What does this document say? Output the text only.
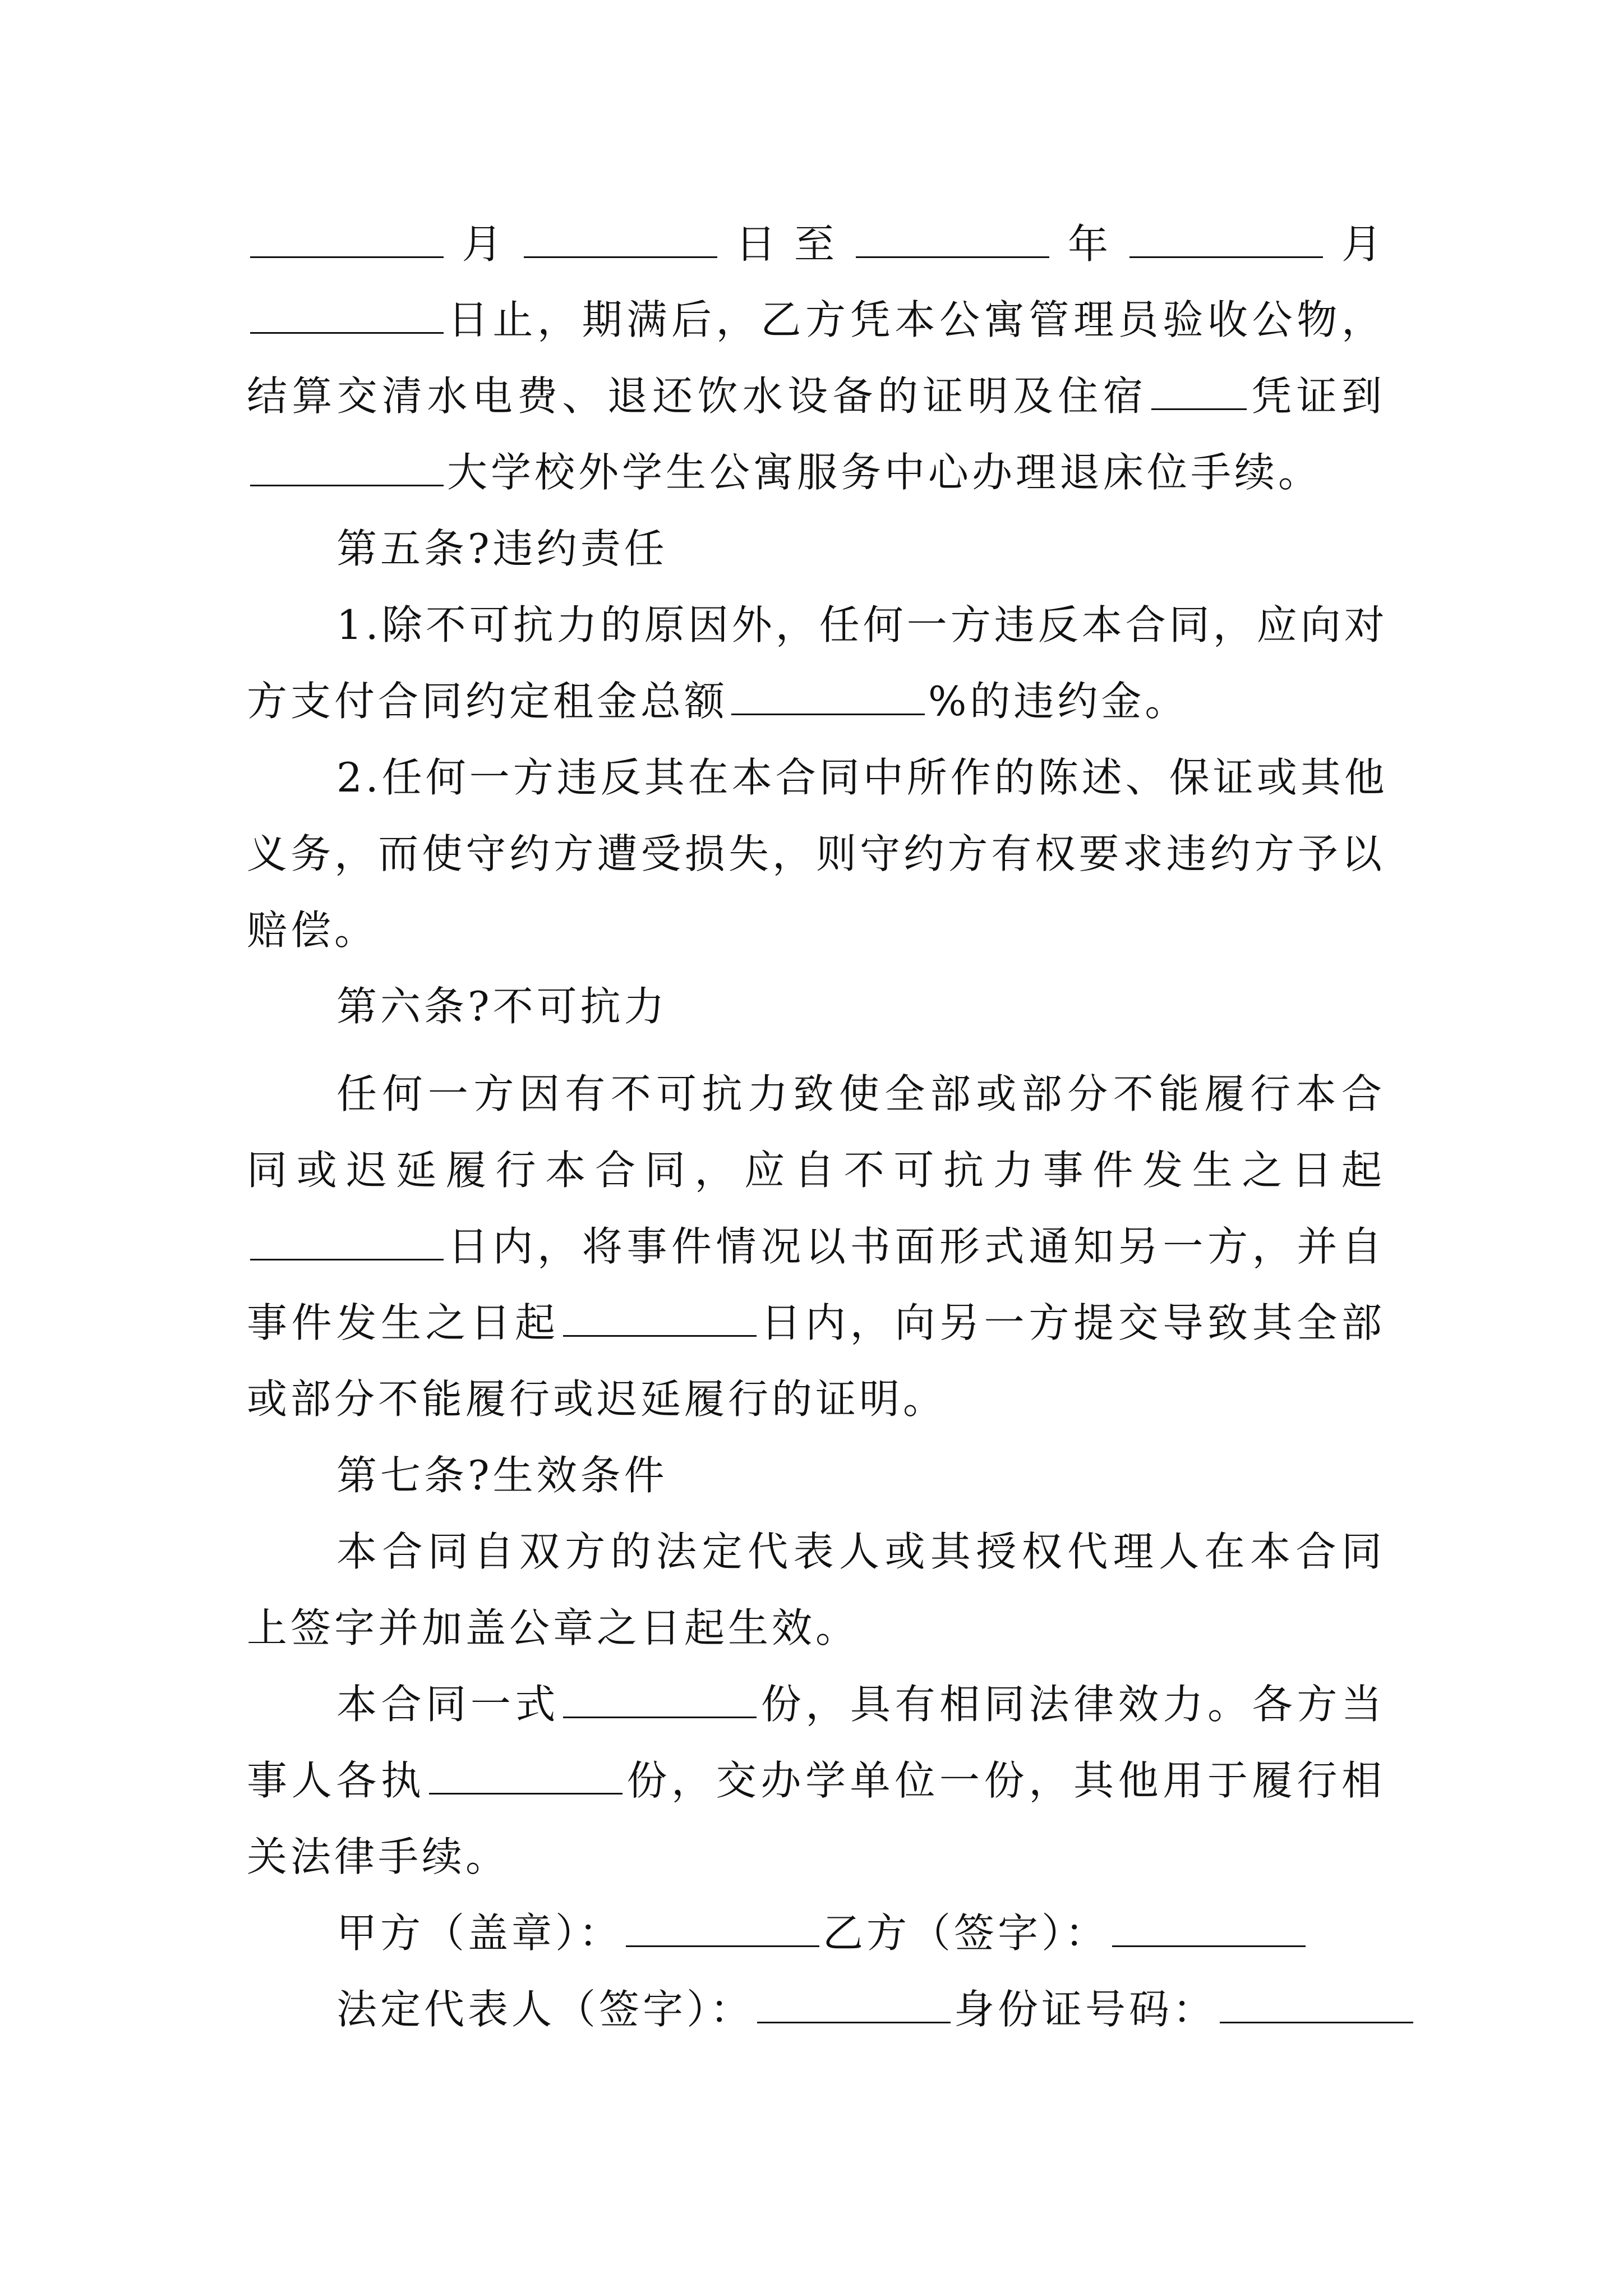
月	日至	年	月
日止，期满后，乙方凭本公寓管理员验收公物，
结算交清水电费、退还饮水设备的证明及住宿	凭证到
大学校外学生公寓服务中心办理退床位手续。
第五条?违约责任
1.除不可抗力的原因外，任何一方违反本合同，应向对
方支付合同约定租金总额	%的违约金。
2.任何一方违反其在本合同中所作的陈述、保证或其他
义务，而使守约方遭受损失，则守约方有权要求违约方予以
赔偿。
第六条?不可抗力
任何一方因有不可抗力致使全部或部分不能履行本合
同或迟延履行本合同，应自不可抗力事件发生之日起
日内，将事件情况以书面形式通知另一方，并自
事件发生之日起	日内，向另一方提交导致其全部
或部分不能履行或迟延履行的证明。
第七条?生效条件
本合同自双方的法定代表人或其授权代理人在本合同
上签字并加盖公章之日起生效。
本合同一式	份，具有相同法律效力。各方当
事人各执	份，交办学单位一份，其他用于履行相
关法律手续。
甲方（盖章）：	乙方（签字）：
法定代表人（签字）：	身份证号码：
